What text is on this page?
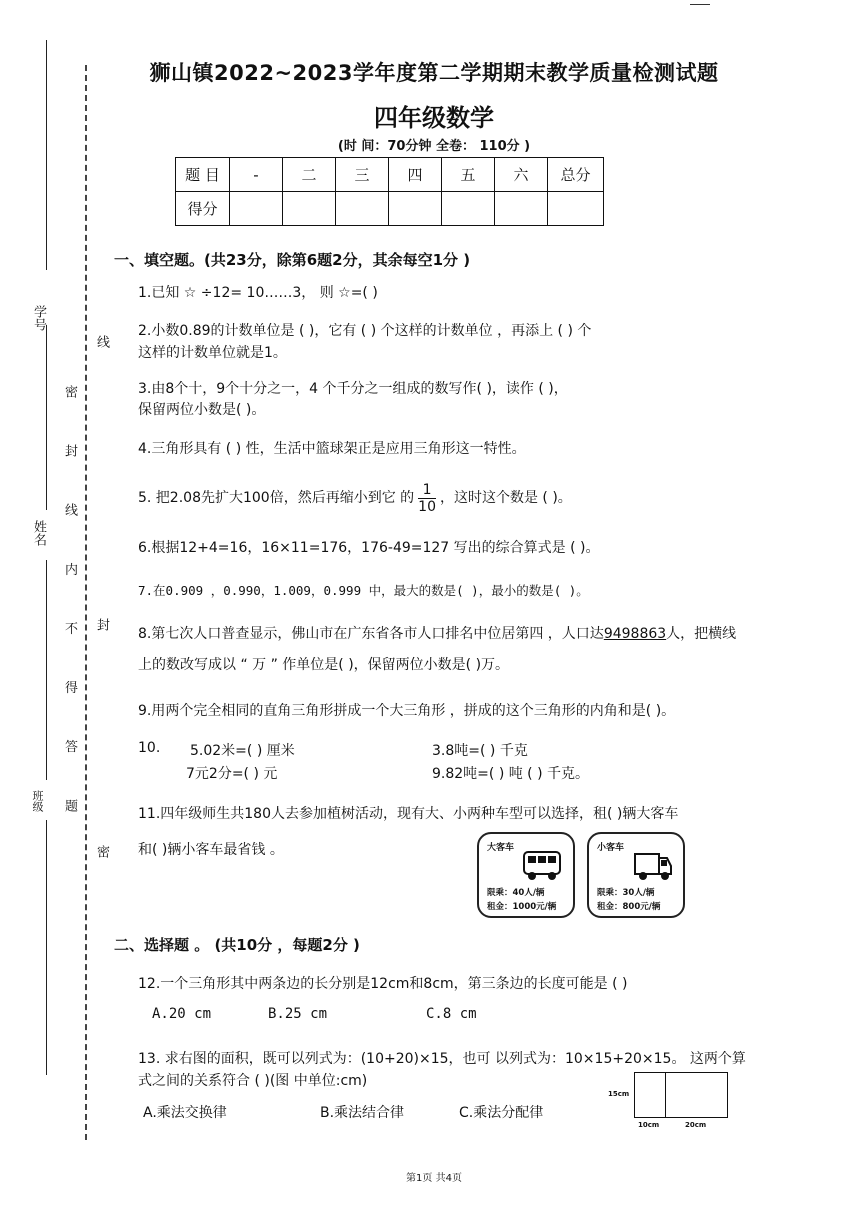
学号
姓名
班级 密 封 线 内 不 得 答 题
线
封
密
狮山镇2022~2023学年度第二学期期末教学质量检测试题
四年级数学
(时 间：70分钟 全卷： 110分 )
题 目	-	二	三	四	五	六	总分
得分							
一、填空题。(共23分，除第6题2分，其余每空1分 )
1.已知 ☆ ÷12= 10……3， 则 ☆=( )
2.小数0.89的计数单位是 ( )，它有 ( ) 个这样的计数单位 ，再添上 ( ) 个
这样的计数单位就是1。
3.由8个十，9个十分之一，4 个千分之一组成的数写作( )，读作 ( )，
保留两位小数是( )。
4.三角形具有 ( ) 性，生活中篮球架正是应用三角形这一特性。
5. 把2.08先扩大100倍，然后再缩小到它 的 $\frac{1}{10}$ ，这时这个数是 ( )。
6.根据12+4=16，16×11=176，176-49=127 写出的综合算式是 ( )。
7.在0.909 ，0.990，1.009，0.999 中，最大的数是( )，最小的数是( )。
8.第七次人口普查显示，佛山市在广东省各市人口排名中位居第四 ，人口达9498863人，把横线
上的数改写成以 “ 万 ” 作单位是( )，保留两位小数是( )万。
9.用两个完全相同的直角三角形拼成一个大三角形 ，拼成的这个三角形的内角和是( )。
10. 5.02米=( ) 厘米	3.8吨=( ) 千克
7元2分=( ) 元	9.82吨=( ) 吨 ( ) 千克。
11.四年级师生共180人去参加植树活动，现有大、小两种车型可以选择，租( )辆大客车
和( )辆小客车最省钱 。	大客车
限乘：40人/辆
租金：1000元/辆
小客车
限乘：30人/辆
租金：800元/辆
二、选择题 。 (共10分 ，每题2分 )
12.一个三角形其中两条边的长分别是12cm和8cm，第三条边的长度可能是 ( )
A.20 cm	B.25 cm	C.8 cm
13. 求右图的面积，既可以列式为：(10+20)×15，也可 以列式为：10×15+20×15。 这两个算
式之间的关系符合 ( )(图 中单位:cm)
A.乘法交换律	B.乘法结合律	C.乘法分配律
15cm
10cm	20cm
第1页 共4页
